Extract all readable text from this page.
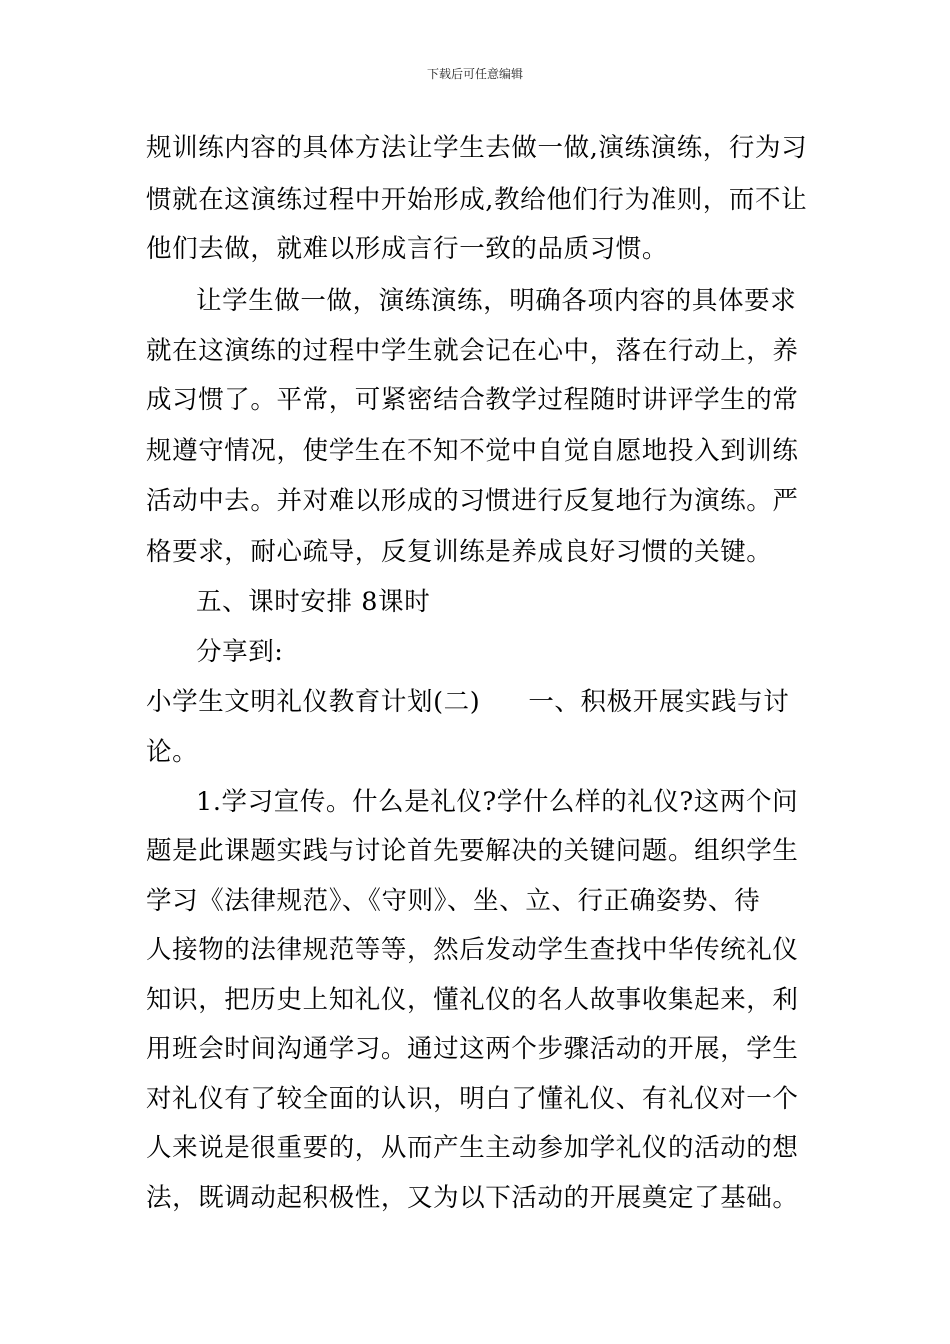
下载后可任意编辑
规训练内容的具体方法让学生去做一做,演练演练，行为习
惯就在这演练过程中开始形成,教给他们行为准则，而不让
他们去做，就难以形成言行一致的品质习惯。
让学生做一做，演练演练，明确各项内容的具体要求
就在这演练的过程中学生就会记在心中，落在行动上，养
成习惯了。平常，可紧密结合教学过程随时讲评学生的常
规遵守情况，使学生在不知不觉中自觉自愿地投入到训练
活动中去。并对难以形成的习惯进行反复地行为演练。严
格要求，耐心疏导，反复训练是养成良好习惯的关键。
五、课时安排 8课时
分享到:
小学生文明礼仪教育计划(二) 一、积极开展实践与讨
论。
1.学习宣传。什么是礼仪?学什么样的礼仪?这两个问
题是此课题实践与讨论首先要解决的关键问题。组织学生
学习《法律规范》、《守则》、坐、立、行正确姿势、待
人接物的法律规范等等，然后发动学生查找中华传统礼仪
知识，把历史上知礼仪，懂礼仪的名人故事收集起来，利
用班会时间沟通学习。通过这两个步骤活动的开展，学生
对礼仪有了较全面的认识，明白了懂礼仪、有礼仪对一个
人来说是很重要的，从而产生主动参加学礼仪的活动的想
法，既调动起积极性，又为以下活动的开展奠定了基础。
